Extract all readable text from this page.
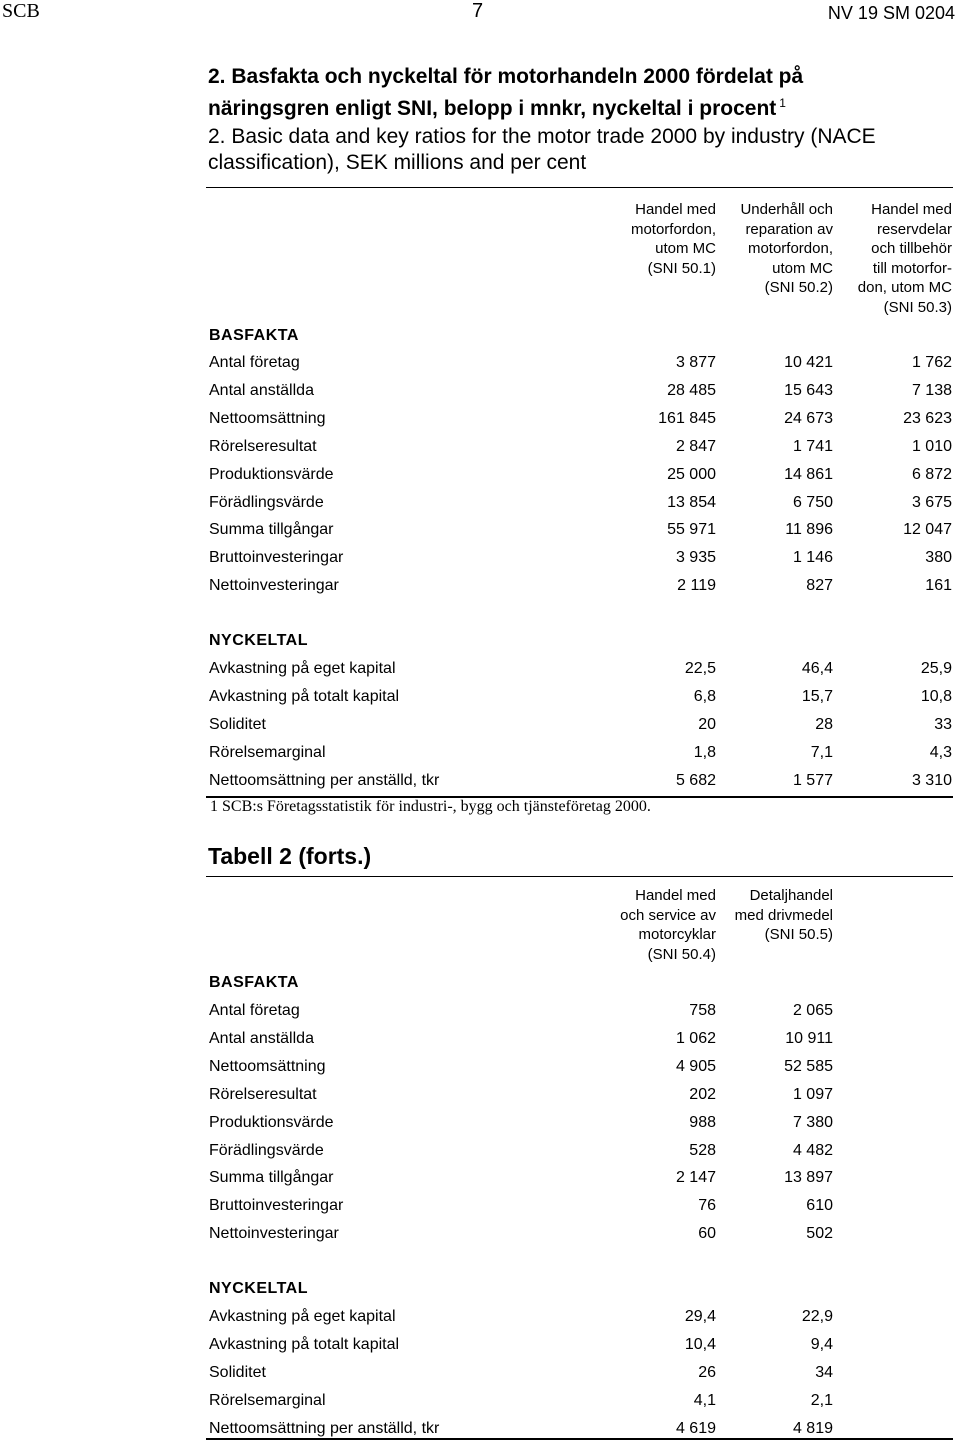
SCB	7	NV 19 SM 0204
2. Basfakta och nyckeltal för motorhandeln 2000 fördelat på
näringsgren enligt SNI, belopp i mnkr, nyckeltal i procent $^1$
2. Basic data and key ratios for the motor trade 2000 by industry (NACE
classification), SEK millions and per cent
Handel med
motorfordon,
utom MC
(SNI 50.1)
Underhåll och
reparation av
motorfordon,
utom MC
(SNI 50.2)
Handel med
reservdelar
och tillbehör
till motorfor-
don, utom MC
(SNI 50.3)
BASFAKTA
Antal företag	3 877	10 421	1 762
Antal anställda	28 485	15 643	7 138
Nettoomsättning	161 845	24 673	23 623
Rörelseresultat	2 847	1 741	1 010
Produktionsvärde	25 000	14 861	6 872
Förädlingsvärde	13 854	6 750	3 675
Summa tillgångar	55 971	11 896	12 047
Bruttoinvesteringar	3 935	1 146	380
Nettoinvesteringar	2 119	827	161
NYCKELTAL
Avkastning på eget kapital	22,5	46,4	25,9
Avkastning på totalt kapital	6,8	15,7	10,8
Soliditet	20	28	33
Rörelsemarginal	1,8	7,1	4,3
Nettoomsättning per anställd, tkr	5 682	1 577	3 310
1 SCB:s Företagsstatistik för industri-, bygg och tjänsteföretag 2000.
Tabell 2 (forts.)
Handel med
och service av
motorcyklar
(SNI 50.4)
Detaljhandel
med drivmedel
(SNI 50.5)
BASFAKTA
Antal företag	758	2 065
Antal anställda	1 062	10 911
Nettoomsättning	4 905	52 585
Rörelseresultat	202	1 097
Produktionsvärde	988	7 380
Förädlingsvärde	528	4 482
Summa tillgångar	2 147	13 897
Bruttoinvesteringar	76	610
Nettoinvesteringar	60	502
NYCKELTAL
Avkastning på eget kapital	29,4	22,9
Avkastning på totalt kapital	10,4	9,4
Soliditet	26	34
Rörelsemarginal	4,1	2,1
Nettoomsättning per anställd, tkr	4 619	4 819
